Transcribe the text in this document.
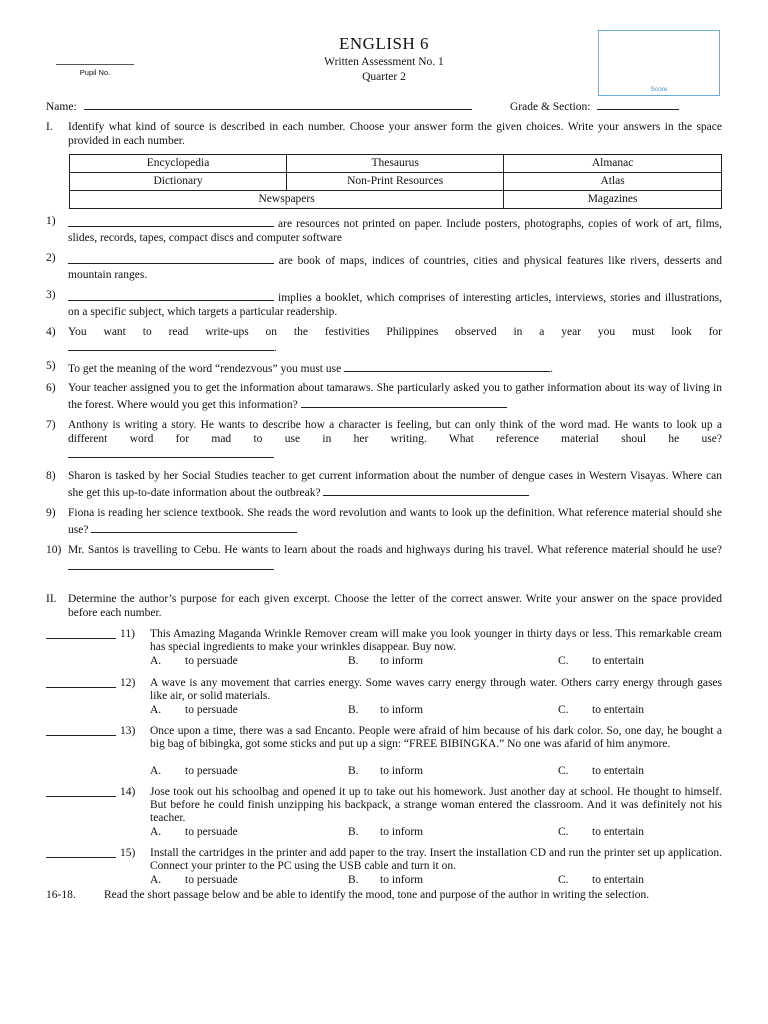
Pupil No.
ENGLISH 6
Written Assessment No. 1
Quarter 2
Score
Name:	Grade & Section:
I. Identify what kind of source is described in each number. Choose your answer form the given choices. Write your answers in the space provided in each number.
Encyclopedia	Thesaurus	Almanac
Dictionary	Non-Print Resources	Atlas
Newspapers		Magazines
1)	are resources not printed on paper. Include posters, photographs, copies of work of art, films, slides, records, tapes, compact discs and computer software
2)	are book of maps, indices of countries, cities and physical features like rivers, desserts and mountain ranges.
3)	implies a booklet, which comprises of interesting articles, interviews, stories and illustrations, on a specific subject, which targets a particular readership.
4) You want to read write-ups on the festivities Philippines observed in a year you must look for
.
5) To get the meaning of the word “rendezvous” you must use	.
6) Your teacher assigned you to get the information about tamaraws. She particularly asked you to gather information about its way of living in the forest. Where would you get this information?
7) Anthony is writing a story. He wants to describe how a character is feeling, but can only think of the word mad. He wants to look up a different word for mad to use in her writing. What reference material shoul he use?
8) Sharon is tasked by her Social Studies teacher to get current information about the number of dengue cases in Western Visayas. Where can she get this up-to-date information about the outbreak?
9) Fiona is reading her science textbook. She reads the word revolution and wants to look up the definition. What reference material should she use?
10) Mr. Santos is travelling to Cebu. He wants to learn about the roads and highways during his travel. What reference material should he use?
II. Determine the author’s purpose for each given excerpt. Choose the letter of the correct answer. Write your answer on the space provided before each number.
11) This Amazing Maganda Wrinkle Remover cream will make you look younger in thirty days or less. This remarkable cream has special ingredients to make your wrinkles disappear. Buy now.
A. to persuade	B. to inform	C. to entertain
12) A wave is any movement that carries energy. Some waves carry energy through water. Others carry energy through gases like air, or solid materials.
A. to persuade	B. to inform	C. to entertain
13) Once upon a time, there was a sad Encanto. People were afraid of him because of his dark color. So, one day, he bought a big bag of bibingka, got some sticks and put up a sign: “FREE BIBINGKA.” No one was afarid of him anymore.
A. to persuade	B. to inform	C. to entertain
14) Jose took out his schoolbag and opened it up to take out his homework. Just another day at school. He thought to himself. But before he could finish unzipping his backpack, a strange woman entered the classroom. And it was definitely not his teacher.
A. to persuade	B. to inform	C. to entertain
15) Install the cartridges in the printer and add paper to the tray. Insert the installation CD and run the printer set up application. Connect your printer to the PC using the USB cable and turn it on.
A. to persuade	B. to inform	C. to entertain
16-18. Read the short passage below and be able to identify the mood, tone and purpose of the author in writing the selection.
